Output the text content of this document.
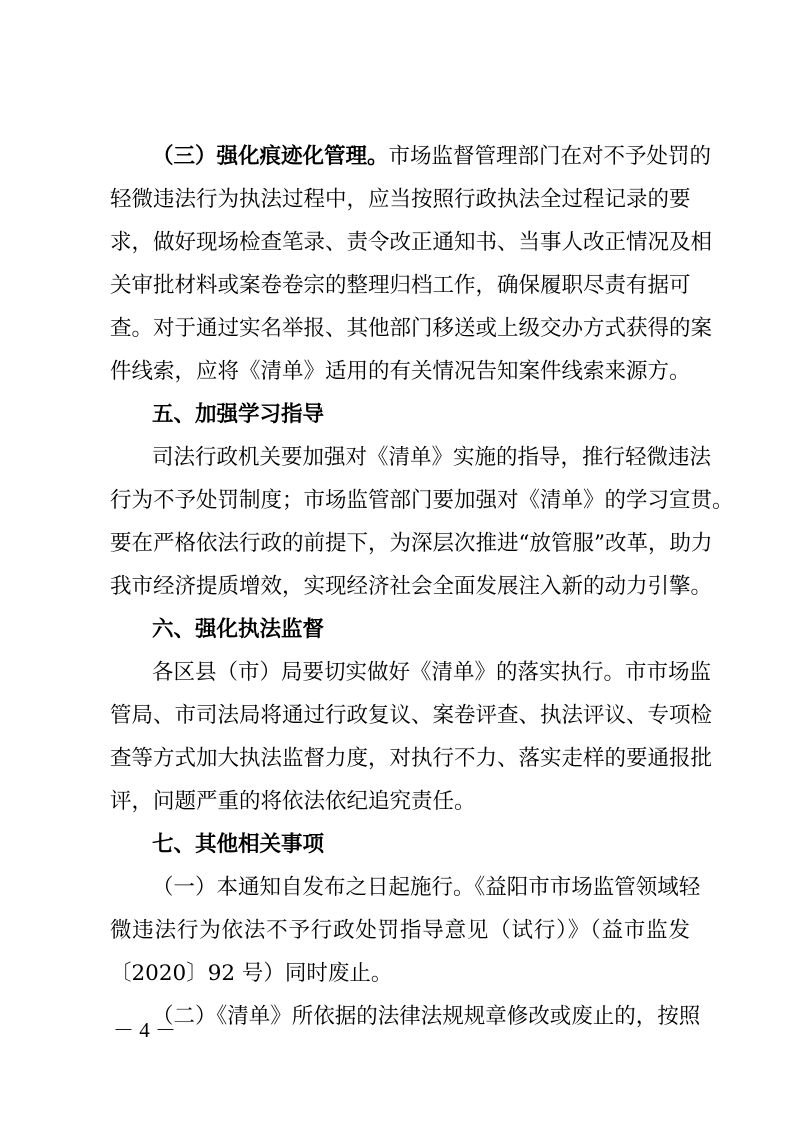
（三）强化痕迹化管理。市场监督管理部门在对不予处罚的
轻微违法行为执法过程中，应当按照行政执法全过程记录的要
求，做好现场检查笔录、责令改正通知书、当事人改正情况及相
关审批材料或案卷卷宗的整理归档工作，确保履职尽责有据可
查。对于通过实名举报、其他部门移送或上级交办方式获得的案
件线索，应将《清单》适用的有关情况告知案件线索来源方。
五、加强学习指导
司法行政机关要加强对《清单》实施的指导，推行轻微违法
行为不予处罚制度；市场监管部门要加强对《清单》的学习宣贯。
要在严格依法行政的前提下，为深层次推进“放管服”改革，助力
我市经济提质增效，实现经济社会全面发展注入新的动力引擎。
六、强化执法监督
各区县（市）局要切实做好《清单》的落实执行。市市场监
管局、市司法局将通过行政复议、案卷评查、执法评议、专项检
查等方式加大执法监督力度，对执行不力、落实走样的要通报批
评，问题严重的将依法依纪追究责任。
七、其他相关事项
（一）本通知自发布之日起施行。《益阳市市场监管领域轻
微违法行为依法不予行政处罚指导意见（试行）》（益市监发
〔2020〕92 号）同时废止。
（二）《清单》所依据的法律法规规章修改或废止的，按照
－ 4 －
